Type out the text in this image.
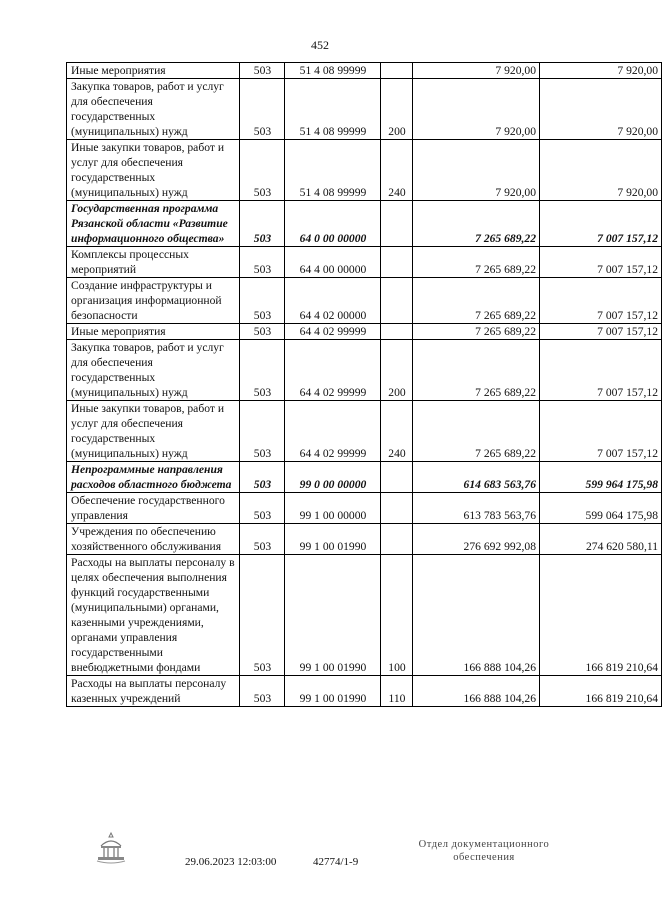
452
Иные мероприятия	503	51 4 08 99999		7 920,00	7 920,00
Закупка товаров, работ и услуг для обеспечения государственных (муниципальных) нужд	503	51 4 08 99999	200	7 920,00	7 920,00
Иные закупки товаров, работ и услуг для обеспечения государственных (муниципальных) нужд	503	51 4 08 99999	240	7 920,00	7 920,00
Государственная программа Рязанской области «Развитие информационного общества»	503	64 0 00 00000		7 265 689,22	7 007 157,12
Комплексы процессных мероприятий	503	64 4 00 00000		7 265 689,22	7 007 157,12
Создание инфраструктуры и организация информационной безопасности	503	64 4 02 00000		7 265 689,22	7 007 157,12
Иные мероприятия	503	64 4 02 99999		7 265 689,22	7 007 157,12
Закупка товаров, работ и услуг для обеспечения государственных (муниципальных) нужд	503	64 4 02 99999	200	7 265 689,22	7 007 157,12
Иные закупки товаров, работ и услуг для обеспечения государственных (муниципальных) нужд	503	64 4 02 99999	240	7 265 689,22	7 007 157,12
Непрограммные направления расходов областного бюджета	503	99 0 00 00000		614 683 563,76	599 964 175,98
Обеспечение государственного управления	503	99 1 00 00000		613 783 563,76	599 064 175,98
Учреждения по обеспечению хозяйственного обслуживания	503	99 1 00 01990		276 692 992,08	274 620 580,11
Расходы на выплаты персоналу в целях обеспечения выполнения функций государственными (муниципальными) органами, казенными учреждениями, органами управления государственными внебюджетными фондами	503	99 1 00 01990	100	166 888 104,26	166 819 210,64
Расходы на выплаты персоналу казенных учреждений	503	99 1 00 01990	110	166 888 104,26	166 819 210,64
29.06.2023 12:03:00	42774/1-9
Отдел документационного
обеспечения
